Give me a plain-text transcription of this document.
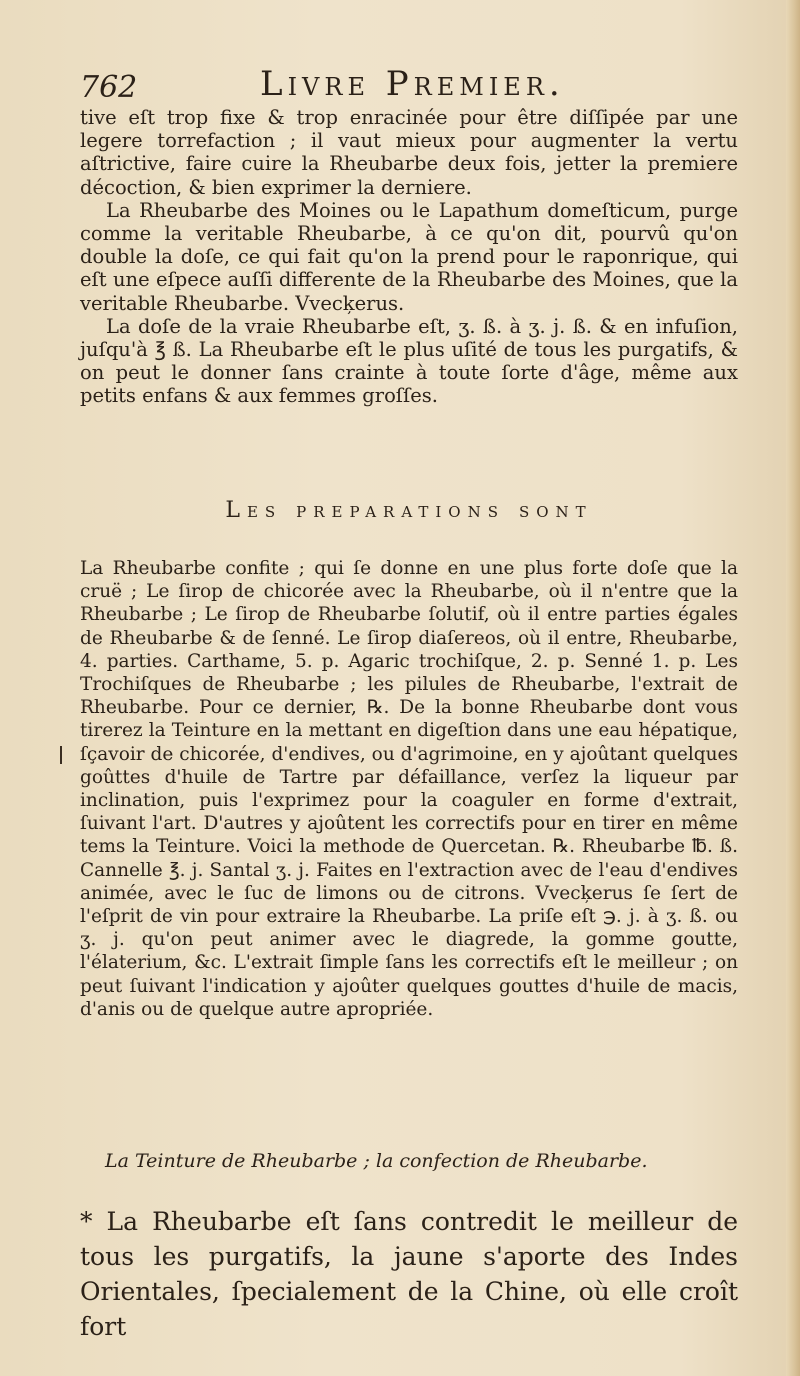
762	Livre Premier.

tive eſt trop fixe & trop enracinée pour être diſſipée par une legere torrefaction ; il vaut mieux pour augmenter la vertu aſtrictive, faire cuire la Rheubarbe deux fois, jetter la premiere décoction, & bien exprimer la derniere.

La Rheubarbe des Moines ou le Lapathum domeſticum, purge comme la veritable Rheubarbe, à ce qu'on dit, pourvû qu'on double la doſe, ce qui fait qu'on la prend pour le raponrique, qui eſt une eſpece auſſi differente de la Rheubarbe des Moines, que la veritable Rheubarbe. Vvecķerus.

La doſe de la vraie Rheubarbe eſt, ʒ. ß. à ʒ. j. ß. & en infuſion, juſqu'à ℥ ß. La Rheubarbe eſt le plus uſité de tous les purgatifs, & on peut le donner ſans crainte à toute ſorte d'âge, même aux petits enfans & aux femmes groſſes.

Les preparations sont

La Rheubarbe confite ; qui ſe donne en une plus forte doſe que la cruë ; Le ſirop de chicorée avec la Rheubarbe, où il n'entre que la Rheubarbe ; Le ſirop de Rheubarbe ſolutif, où il entre parties égales de Rheubarbe & de ſenné. Le ſirop diaſereos, où il entre, Rheubarbe, 4. parties. Carthame, 5. p. Agaric trochiſque, 2. p. Senné 1. p. Les Trochiſques de Rheubarbe ; les pilules de Rheubarbe, l'extrait de Rheubarbe. Pour ce dernier, ℞. De la bonne Rheubarbe dont vous tirerez la Teinture en la mettant en digeſtion dans une eau hépatique, ſçavoir de chicorée, d'endives, ou d'agrimoine, en y ajoûtant quelques goûttes d'huile de Tartre par défaillance, verſez la liqueur par inclination, puis l'exprimez pour la coaguler en forme d'extrait, ſuivant l'art. D'autres y ajoûtent les correctifs pour en tirer en même tems la Teinture. Voici la methode de Quercetan. ℞. Rheubarbe ℔. ß. Cannelle ℥. j. Santal ʒ. j. Faites en l'extraction avec de l'eau d'endives animée, avec le ſuc de limons ou de citrons. Vvecķerus ſe ſert de l'eſprit de vin pour extraire la Rheubarbe. La priſe eſt ℈. j. à ʒ. ß. ou ʒ. j. qu'on peut animer avec le diagrede, la gomme goutte, l'élaterium, &c. L'extrait ſimple ſans les correctifs eſt le meilleur ; on peut ſuivant l'indication y ajoûter quelques gouttes d'huile de macis, d'anis ou de quelque autre apropriée.

La Teinture de Rheubarbe ; la confection de Rheubarbe.
* La Rheubarbe eſt ſans contredit le meilleur de tous les purgatifs, la jaune s'aporte des Indes Orientales, ſpecialement de la Chine, où elle croît fort
